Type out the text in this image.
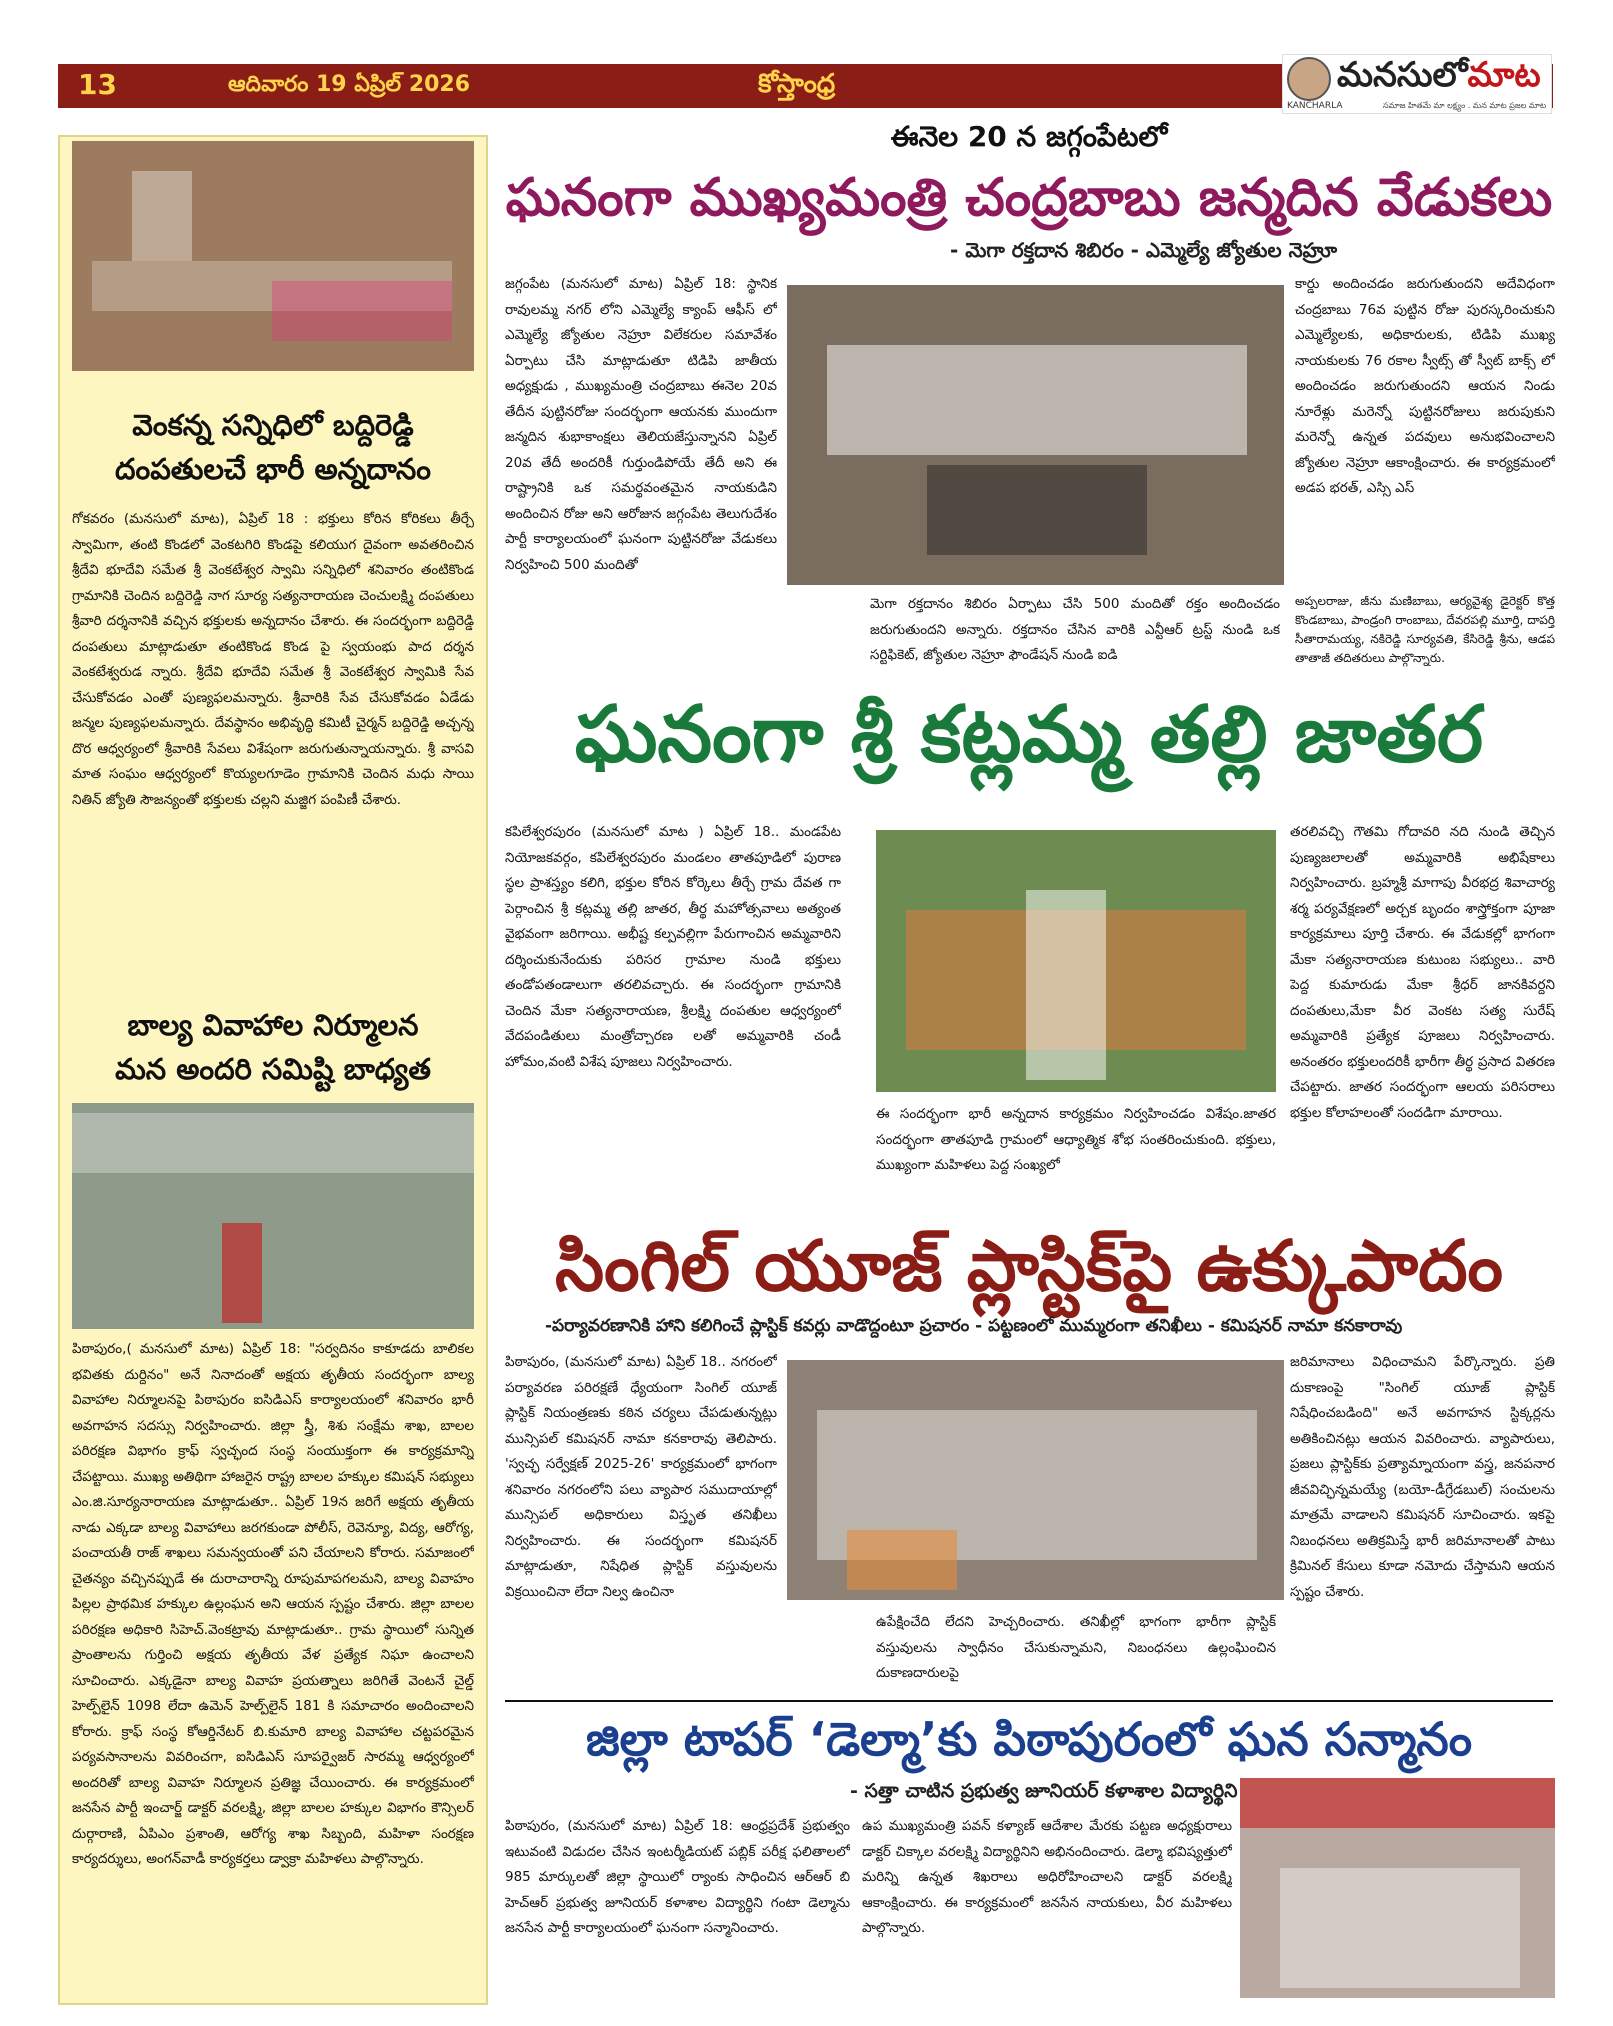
13	ఆదివారం 19 ఏప్రిల్ 2026	కోస్తాంధ్ర	మనసులోమాట
KANCHARLA	సమాజ హితమే మా లక్ష్యం . మన మాట ప్రజల మాట
వెంకన్న సన్నిధిలో బద్దిరెడ్డి
దంపతులచే భారీ అన్నదానం
గోకవరం (మనసులో మాట), ఏప్రిల్ 18 : భక్తులు కోరిన కోరికలు తీర్చే స్వామిగా, తంటి కొండలో వెంకటగిరి కొండపై కలియుగ దైవంగా అవతరించిన శ్రీదేవి భూదేవి సమేత శ్రీ వెంకటేశ్వర స్వామి సన్నిధిలో శనివారం తంటికొండ గ్రామానికి చెందిన బద్దిరెడ్డి నాగ సూర్య సత్యనారాయణ చెంచులక్ష్మి దంపతులు శ్రీవారి దర్శనానికి వచ్చిన భక్తులకు అన్నదానం చేశారు. ఈ సందర్భంగా బద్దిరెడ్డి దంపతులు మాట్లాడుతూ తంటికొండ కొండ పై స్వయంభు పాద దర్శన వెంకటేశ్వరుడ న్నారు. శ్రీదేవి భూదేవి సమేత శ్రీ వెంకటేశ్వర స్వామికి సేవ చేసుకోవడం ఎంతో పుణ్యఫలమన్నారు. శ్రీవారికి సేవ చేసుకోవడం ఏడేడు జన్మల పుణ్యఫలమన్నారు. దేవస్థానం అభివృద్ధి కమిటీ చైర్మన్ బద్దిరెడ్డి అచ్చన్న దొర ఆధ్వర్యంలో శ్రీవారికి సేవలు విశేషంగా జరుగుతున్నాయన్నారు. శ్రీ వాసవి మాత సంఘం ఆధ్వర్యంలో కొయ్యలగూడెం గ్రామానికి చెందిన మధు సాయి నితిన్ జ్యోతి సౌజన్యంతో భక్తులకు చల్లని మజ్జిగ పంపిణీ చేశారు.
బాల్య వివాహాల నిర్మూలన
మన అందరి సమిష్టి బాధ్యత
పిఠాపురం,( మనసులో మాట) ఏప్రిల్ 18: "సర్వదినం కాకూడదు బాలికల భవితకు దుర్దినం" అనే నినాదంతో అక్షయ తృతీయ సందర్భంగా బాల్య వివాహాల నిర్మూలనపై పిఠాపురం ఐసిడిఎస్ కార్యాలయంలో శనివారం భారీ అవగాహన సదస్సు నిర్వహించారు. జిల్లా స్త్రీ, శిశు సంక్షేమ శాఖ, బాలల పరిరక్షణ విభాగం క్రాఫ్ స్వచ్ఛంద సంస్థ సంయుక్తంగా ఈ కార్యక్రమాన్ని చేపట్టాయి. ముఖ్య అతిథిగా హాజరైన రాష్ట్ర బాలల హక్కుల కమిషన్ సభ్యులు ఎం.జి.సూర్యనారాయణ మాట్లాడుతూ.. ఏప్రిల్ 19న జరిగే అక్షయ తృతీయ నాడు ఎక్కడా బాల్య వివాహాలు జరగకుండా పోలీస్, రెవెన్యూ, విద్య, ఆరోగ్య, పంచాయతీ రాజ్ శాఖలు సమన్వయంతో పని చేయాలని కోరారు. సమాజంలో చైతన్యం వచ్చినప్పుడే ఈ దురాచారాన్ని రూపుమాపగలమని, బాల్య వివాహం పిల్లల ప్రాథమిక హక్కుల ఉల్లంఘన అని ఆయన స్పష్టం చేశారు. జిల్లా బాలల పరిరక్షణ అధికారి సిహెచ్.వెంకట్రావు మాట్లాడుతూ.. గ్రామ స్థాయిలో సున్నిత ప్రాంతాలను గుర్తించి అక్షయ తృతీయ వేళ ప్రత్యేక నిఘా ఉంచాలని సూచించారు. ఎక్కడైనా బాల్య వివాహ ప్రయత్నాలు జరిగితే వెంటనే చైల్డ్ హెల్ప్‌లైన్ 1098 లేదా ఉమెన్ హెల్ప్‌లైన్ 181 కి సమాచారం అందించాలని కోరారు. క్రాఫ్ సంస్థ కోఆర్డినేటర్ బి.కుమారి బాల్య వివాహాల చట్టపరమైన పర్యవసానాలను వివరించగా, ఐసిడిఎస్ సూపర్వైజర్ సారమ్మ ఆధ్వర్యంలో అందరితో బాల్య వివాహ నిర్మూలన ప్రతిజ్ఞ చేయించారు. ఈ కార్యక్రమంలో జనసేన పార్టీ ఇంచార్జ్ డాక్టర్ వరలక్ష్మి, జిల్లా బాలల హక్కుల విభాగం కౌన్సిలర్ దుర్గారాణి, ఏపిఎం ప్రశాంతి, ఆరోగ్య శాఖ సిబ్బంది, మహిళా సంరక్షణ కార్యదర్శులు, అంగన్‌వాడీ కార్యకర్తలు డ్వాక్రా మహిళలు పాల్గొన్నారు.
ఈనెల 20 న జగ్గంపేటలో
ఘనంగా ముఖ్యమంత్రి చంద్రబాబు జన్మదిన వేడుకలు
- మెగా రక్తదాన శిబిరం - ఎమ్మెల్యే జ్యోతుల నెహ్రూ
జగ్గంపేట (మనసులో మాట) ఏప్రిల్ 18: స్థానిక రావులమ్మ నగర్ లోని ఎమ్మెల్యే క్యాంప్ ఆఫీస్ లో ఎమ్మెల్యే జ్యోతుల నెహ్రూ విలేకరుల సమావేశం ఏర్పాటు చేసి మాట్లాడుతూ టిడిపి జాతీయ అధ్యక్షుడు , ముఖ్యమంత్రి చంద్రబాబు ఈనెల 20వ తేదీన పుట్టినరోజు సందర్భంగా ఆయనకు ముందుగా జన్మదిన శుభాకాంక్షలు తెలియజేస్తున్నానని ఏప్రిల్ 20వ తేదీ అందరికీ గుర్తుండిపోయే తేదీ అని ఈ రాష్ట్రానికి ఒక సమర్థవంతమైన నాయకుడిని అందించిన రోజు అని ఆరోజున జగ్గంపేట తెలుగుదేశం పార్టీ కార్యాలయంలో ఘనంగా పుట్టినరోజు వేడుకలు నిర్వహించి 500 మందితో
మెగా రక్తదానం శిబిరం ఏర్పాటు చేసి 500 మందితో రక్తం అందించడం జరుగుతుందని అన్నారు. రక్తదానం చేసిన వారికి ఎన్టీఆర్ ట్రస్ట్ నుండి ఒక సర్టిఫికెట్, జ్యోతుల నెహ్రూ ఫౌండేషన్ నుండి ఐడి
కార్డు అందించడం జరుగుతుందని అదేవిధంగా చంద్రబాబు 76వ పుట్టిన రోజు పురస్కరించుకుని ఎమ్మెల్యేలకు, అధికారులకు, టిడిపి ముఖ్య నాయకులకు 76 రకాల స్వీట్స్ తో స్వీట్ బాక్స్ లో అందించడం జరుగుతుందని ఆయన నిండు నూరేళ్లు మరెన్నో పుట్టినరోజులు జరుపుకుని మరెన్నో ఉన్నత పదవులు అనుభవించాలని జ్యోతుల నెహ్రూ ఆకాంక్షించారు. ఈ కార్యక్రమంలో అడప భరత్, ఎస్సి ఎస్
అప్పలరాజు, జీను మణిబాబు, ఆర్యవైశ్య డైరెక్టర్ కొత్త కొండబాబు, పాండ్రంగి రాంబాబు, దేవరపల్లి మూర్తి, దాపర్తి సీతారామయ్య, నకిరెడ్డి సూర్యవతి, కేసిరెడ్డి శ్రీను, ఆడప తాతాజీ తదితరులు పాల్గొన్నారు.
ఘనంగా శ్రీ కట్లమ్మ తల్లి జాతర
కపిలేశ్వరపురం (మనసులో మాట ) ఏప్రిల్ 18.. మండపేట నియోజకవర్గం, కపిలేశ్వరపురం మండలం తాతపూడిలో పురాణ స్థల ప్రాశస్త్యం కలిగి, భక్తుల కోరిన కోర్కెలు తీర్చే గ్రామ దేవత గా పెర్గాంచిన శ్రీ కట్లమ్మ తల్లి జాతర, తీర్థ మహోత్సవాలు అత్యంత వైభవంగా జరిగాయి. అభీష్ట కల్పవల్లిగా పేరుగాంచిన అమ్మవారిని దర్శించుకునేందుకు పరిసర గ్రామాల నుండి భక్తులు తండోపతండాలుగా తరలివచ్చారు. ఈ సందర్భంగా గ్రామానికి చెందిన మేకా సత్యనారాయణ, శ్రీలక్ష్మి దంపతుల ఆధ్వర్యంలో వేదపండితులు మంత్రోచ్చారణ లతో అమ్మవారికి చండీ హోమం,వంటి విశేష పూజలు నిర్వహించారు.
ఈ సందర్భంగా భారీ అన్నదాన కార్యక్రమం నిర్వహించడం విశేషం.జాతర సందర్భంగా తాతపూడి గ్రామంలో ఆధ్యాత్మిక శోభ సంతరించుకుంది. భక్తులు, ముఖ్యంగా మహిళలు పెద్ద సంఖ్యలో
తరలివచ్చి గౌతమి గోదావరి నది నుండి తెచ్చిన పుణ్యజలాలతో అమ్మవారికి అభిషేకాలు నిర్వహించారు. బ్రహ్మశ్రీ మాగాపు వీరభద్ర శివాచార్య శర్మ పర్యవేక్షణలో అర్చక బృందం శాస్త్రోక్తంగా పూజా కార్యక్రమాలు పూర్తి చేశారు. ఈ వేడుకల్లో భాగంగా మేకా సత్యనారాయణ కుటుంబ సభ్యులు.. వారి పెద్ద కుమారుడు మేకా శ్రీధర్ జానకివర్దని దంపతులు,మేకా వీర వెంకట సత్య సురేష్ అమ్మవారికి ప్రత్యేక పూజలు నిర్వహించారు. అనంతరం భక్తులందరికీ భారీగా తీర్థ ప్రసాద వితరణ చేపట్టారు. జాతర సందర్భంగా ఆలయ పరిసరాలు భక్తుల కోలాహలంతో సందడిగా మారాయి.
సింగిల్ యూజ్ ప్లాస్టిక్‌పై ఉక్కుపాదం
-పర్యావరణానికి హాని కలిగించే ప్లాస్టిక్ కవర్లు వాడొద్దంటూ ప్రచారం - పట్టణంలో ముమ్మరంగా తనిఖీలు - కమిషనర్ నామా కనకారావు
పిఠాపురం, (మనసులో మాట) ఏప్రిల్ 18.. నగరంలో పర్యావరణ పరిరక్షణే ధ్యేయంగా సింగిల్ యూజ్ ప్లాస్టిక్ నియంత్రణకు కఠిన చర్యలు చేపడుతున్నట్లు మున్సిపల్ కమిషనర్ నామా కనకారావు తెలిపారు. 'స్వచ్ఛ సర్వేక్షణ్ 2025-26' కార్యక్రమంలో భాగంగా శనివారం నగరంలోని పలు వ్యాపార సముదాయాల్లో మున్సిపల్ అధికారులు విస్తృత తనిఖీలు నిర్వహించారు. ఈ సందర్భంగా కమిషనర్ మాట్లాడుతూ, నిషేధిత ప్లాస్టిక్ వస్తువులను విక్రయించినా లేదా నిల్వ ఉంచినా
ఉపేక్షించేది లేదని హెచ్చరించారు. తనిఖీల్లో భాగంగా భారీగా ప్లాస్టిక్ వస్తువులను స్వాధీనం చేసుకున్నామని, నిబంధనలు ఉల్లంఘించిన దుకాణదారులపై
జరిమానాలు విధించామని పేర్కొన్నారు. ప్రతి దుకాణంపై "సింగిల్ యూజ్ ప్లాస్టిక్ నిషేధించబడింది" అనే అవగాహన స్టిక్కర్లను అతికించినట్లు ఆయన వివరించారు. వ్యాపారులు, ప్రజలు ప్లాస్టిక్‌కు ప్రత్యామ్నాయంగా వస్త్ర, జనపనార జీవవిచ్ఛిన్నమయ్యే (బయో-డీగ్రేడబుల్) సంచులను మాత్రమే వాడాలని కమిషనర్ సూచించారు. ఇకపై నిబంధనలు అతిక్రమిస్తే భారీ జరిమానాలతో పాటు క్రిమినల్ కేసులు కూడా నమోదు చేస్తామని ఆయన స్పష్టం చేశారు.
జిల్లా టాపర్ ‘డెల్మా’కు పిఠాపురంలో ఘన సన్మానం
- సత్తా చాటిన ప్రభుత్వ జూనియర్ కళాశాల విద్యార్థిని
పిఠాపురం, (మనసులో మాట) ఏప్రిల్ 18: ఆంధ్రప్రదేశ్ ప్రభుత్వం ఇటువంటి విడుదల చేసిన ఇంటర్మీడియట్ పబ్లిక్ పరీక్ష ఫలితాలలో 985 మార్కులతో జిల్లా స్థాయిలో ర్యాంకు సాధించిన ఆర్ఆర్ బి హెచ్ఆర్ ప్రభుత్వ జూనియర్ కళాశాల విద్యార్థిని గంటా డెల్మాను జనసేన పార్టీ కార్యాలయంలో ఘనంగా సన్మానించారు.
ఉప ముఖ్యమంత్రి పవన్ కళ్యాణ్ ఆదేశాల మేరకు పట్టణ అధ్యక్షురాలు డాక్టర్ చిక్కాల వరలక్ష్మి విద్యార్థినిని అభినందించారు. డెల్మా భవిష్యత్తులో మరిన్ని ఉన్నత శిఖరాలు అధిరోహించాలని డాక్టర్ వరలక్ష్మి ఆకాంక్షించారు. ఈ కార్యక్రమంలో జనసేన నాయకులు, వీర మహిళలు పాల్గొన్నారు.
